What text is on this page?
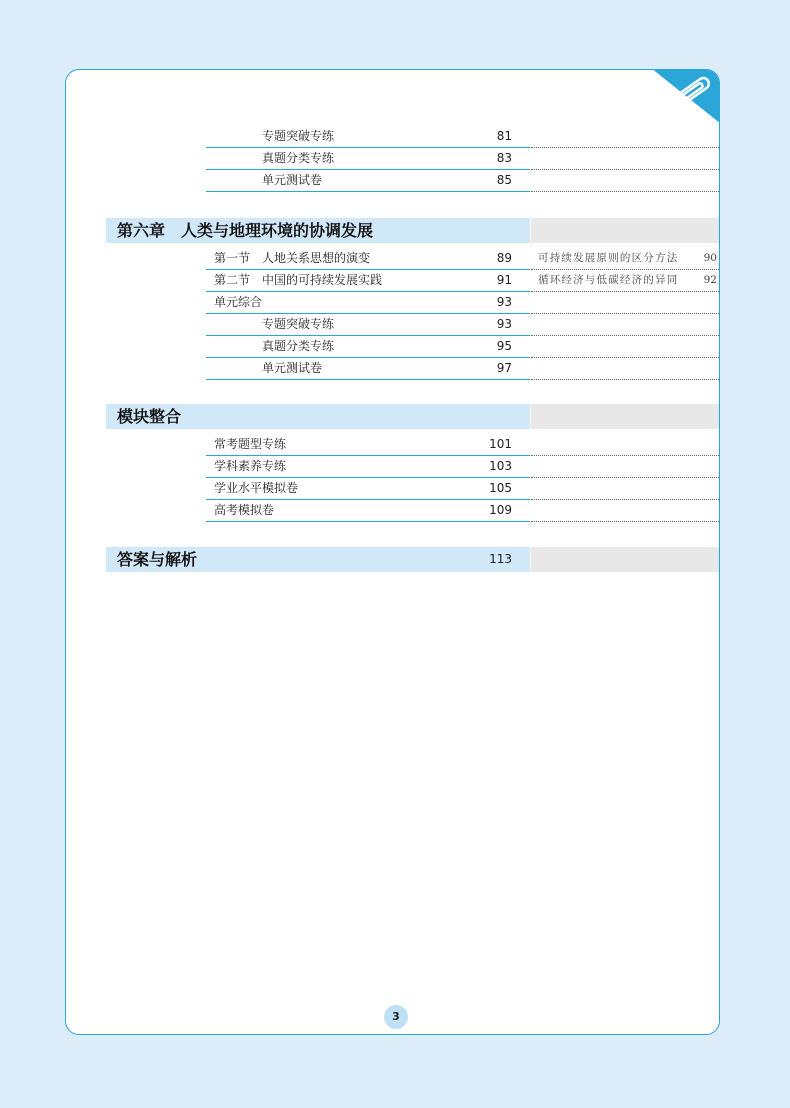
专题突破专练	81
真题分类专练	83
单元测试卷	85
第六章　人类与地理环境的协调发展
第一节　人地关系思想的演变	89 可持续发展原则的区分方法 90
第二节　中国的可持续发展实践	91 循环经济与低碳经济的异同 92
单元综合	93
专题突破专练	93
真题分类专练	95
单元测试卷	97
模块整合
常考题型专练	101
学科素养专练	103
学业水平模拟卷	105
高考模拟卷	109
答案与解析	113
3
